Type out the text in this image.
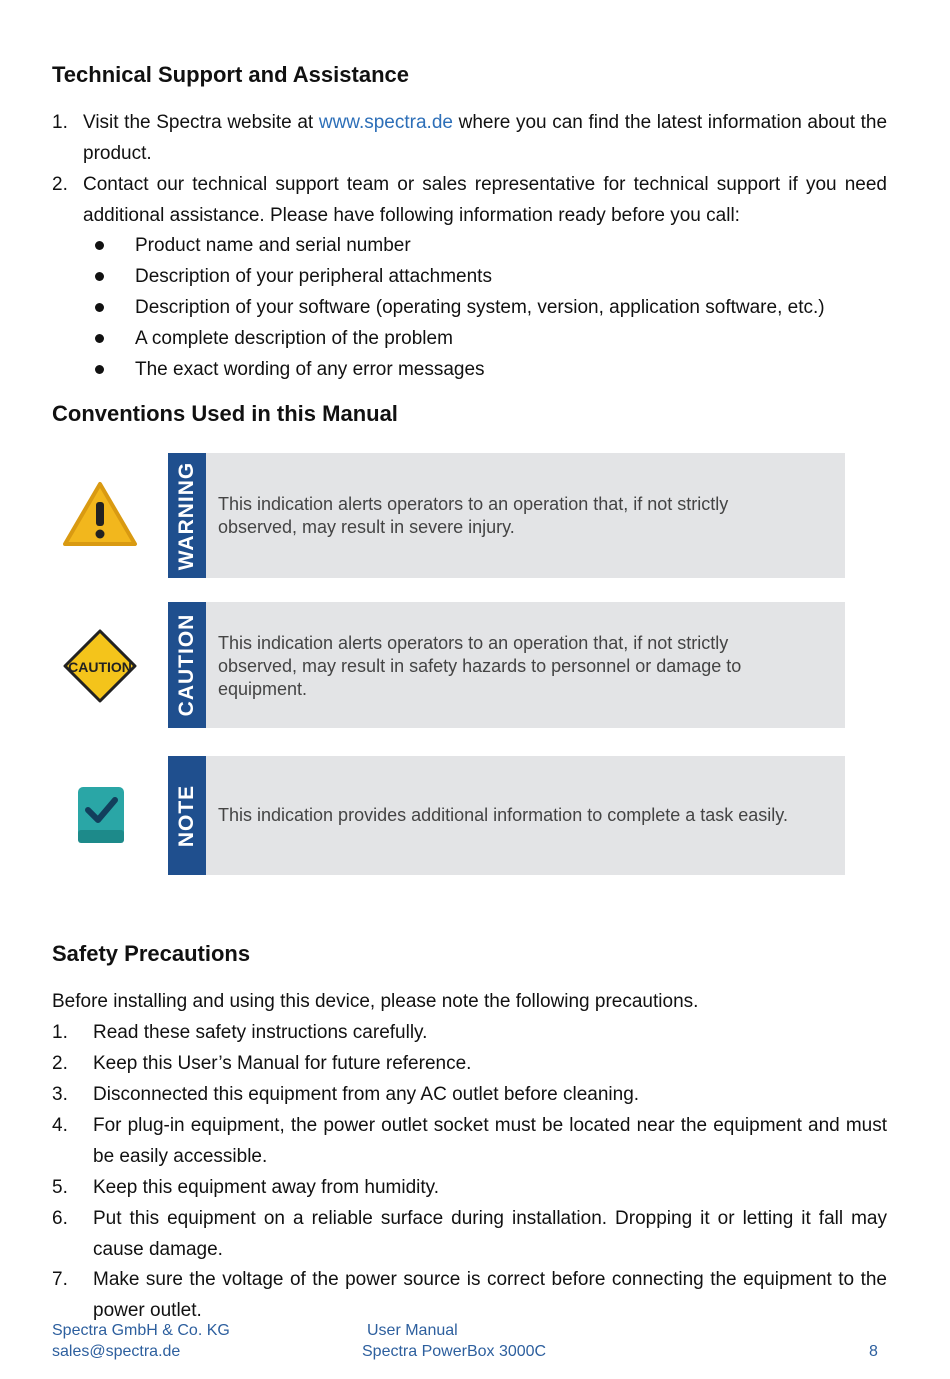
Technical Support and Assistance
1. Visit the Spectra website at www.spectra.de where you can find the latest information about the product.
2. Contact our technical support team or sales representative for technical support if you need additional assistance. Please have following information ready before you call:
Product name and serial number
Description of your peripheral attachments
Description of your software (operating system, version, application software, etc.)
A complete description of the problem
The exact wording of any error messages
Conventions Used in this Manual
WARNING This indication alerts operators to an operation that, if not strictly observed, may result in severe injury.
CAUTION CAUTION This indication alerts operators to an operation that, if not strictly observed, may result in safety hazards to personnel or damage to equipment.
NOTE This indication provides additional information to complete a task easily.
Safety Precautions
Before installing and using this device, please note the following precautions.
1. Read these safety instructions carefully.
2. Keep this User’s Manual for future reference.
3. Disconnected this equipment from any AC outlet before cleaning.
4. For plug-in equipment, the power outlet socket must be located near the equipment and must be easily accessible.
5. Keep this equipment away from humidity.
6. Put this equipment on a reliable surface during installation. Dropping it or letting it fall may cause damage.
7. Make sure the voltage of the power source is correct before connecting the equipment to the power outlet.
Spectra GmbH & Co. KG
sales@spectra.de
User Manual
Spectra PowerBox 3000C	8
